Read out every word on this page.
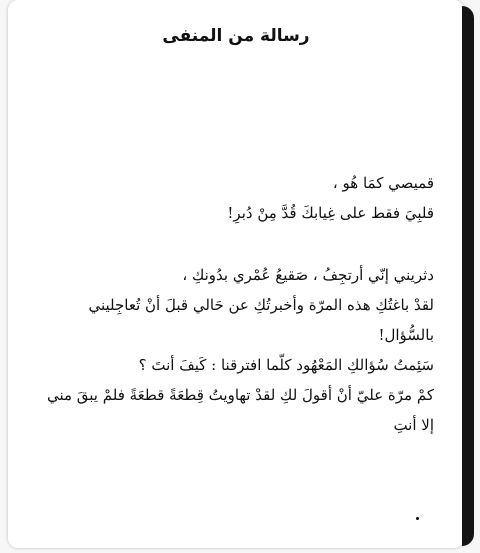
رسالة من المنفى
قميصي كمَا هُو ،
قلبِيَ فقط على غِيابكَ قُدَّ مِنْ دُبرِ!
دثريني إنّي أرتجِفُ ، صَقيعُ عُمْري بدُونكِ ،
لقدْ باغتُكِ هذه المرّة وأخبرتُكِ عن حَالي قبلَ أنْ تُعاجِليني
بالسُّؤال!
سَئِمتُ سُؤالكِ المَعْهُود كلّما افترقنا : كَيفَ أنتَ ؟
كمْ مرّة عليّ أنْ أقولَ لكِ لقدْ تهاويتُ قِطعَةً قطعَةً فلمْ يبقَ مني
إلا أنتِ
